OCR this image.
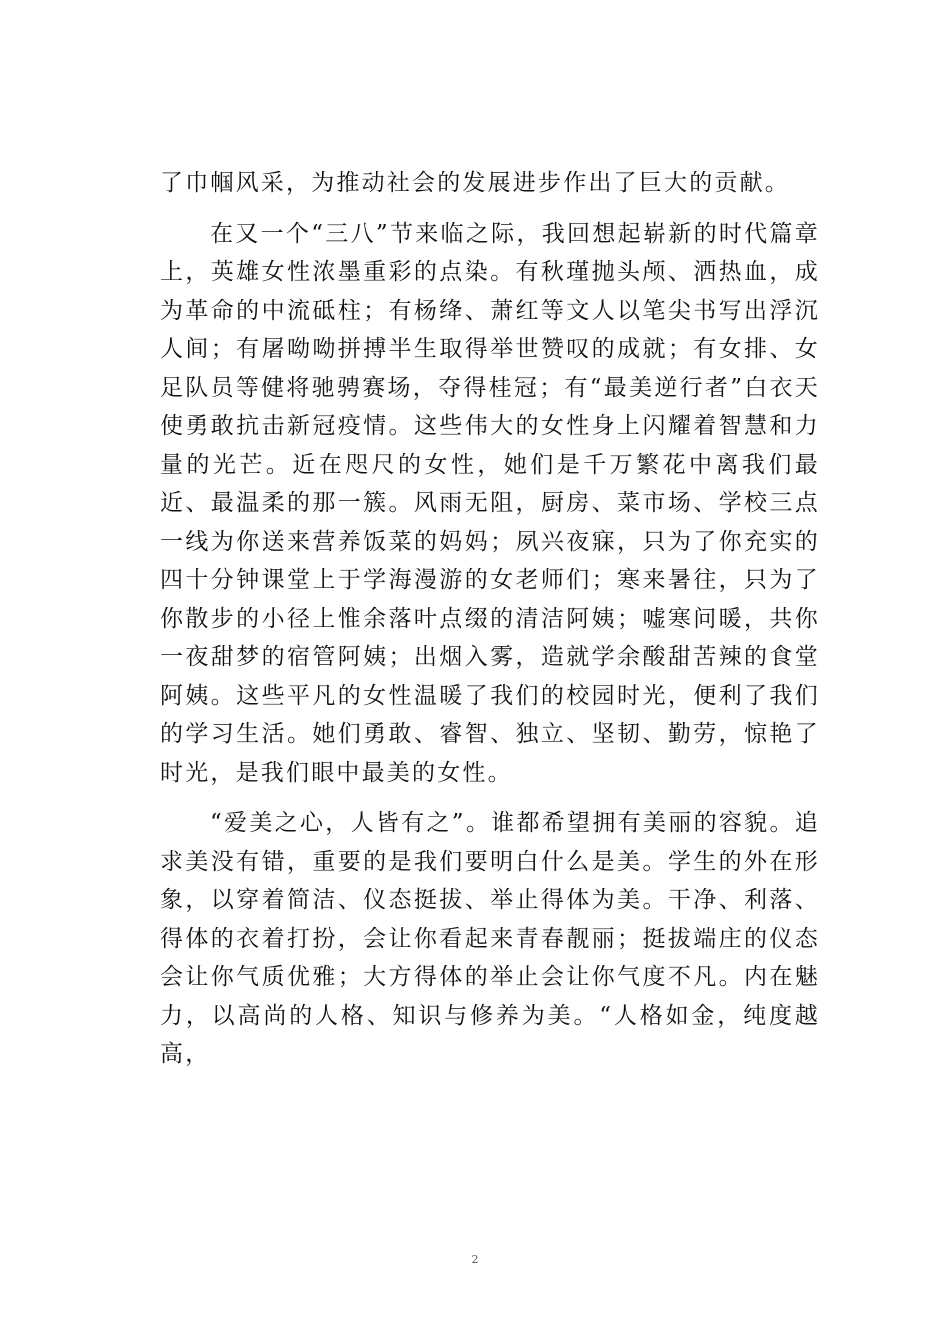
了巾帼风采，为推动社会的发展进步作出了巨大的贡献。

在又一个“三八”节来临之际，我回想起崭新的时代篇章上，英雄女性浓墨重彩的点染。有秋瑾抛头颅、洒热血，成为革命的中流砥柱；有杨绛、萧红等文人以笔尖书写出浮沉人间；有屠呦呦拼搏半生取得举世赞叹的成就；有女排、女足队员等健将驰骋赛场，夺得桂冠；有“最美逆行者”白衣天使勇敢抗击新冠疫情。这些伟大的女性身上闪耀着智慧和力量的光芒。近在咫尺的女性，她们是千万繁花中离我们最近、最温柔的那一簇。风雨无阻，厨房、菜市场、学校三点一线为你送来营养饭菜的妈妈；夙兴夜寐，只为了你充实的四十分钟课堂上于学海漫游的女老师们；寒来暑往，只为了你散步的小径上惟余落叶点缀的清洁阿姨；嘘寒问暖，共你一夜甜梦的宿管阿姨；出烟入雾，造就学余酸甜苦辣的食堂阿姨。这些平凡的女性温暖了我们的校园时光，便利了我们的学习生活。她们勇敢、睿智、独立、坚韧、勤劳，惊艳了时光，是我们眼中最美的女性。

“爱美之心，人皆有之”。谁都希望拥有美丽的容貌。追求美没有错，重要的是我们要明白什么是美。学生的外在形象，以穿着简洁、仪态挺拔、举止得体为美。干净、利落、得体的衣着打扮，会让你看起来青春靓丽；挺拔端庄的仪态会让你气质优雅；大方得体的举止会让你气度不凡。内在魅力，以高尚的人格、知识与修养为美。“人格如金，纯度越高，

2
